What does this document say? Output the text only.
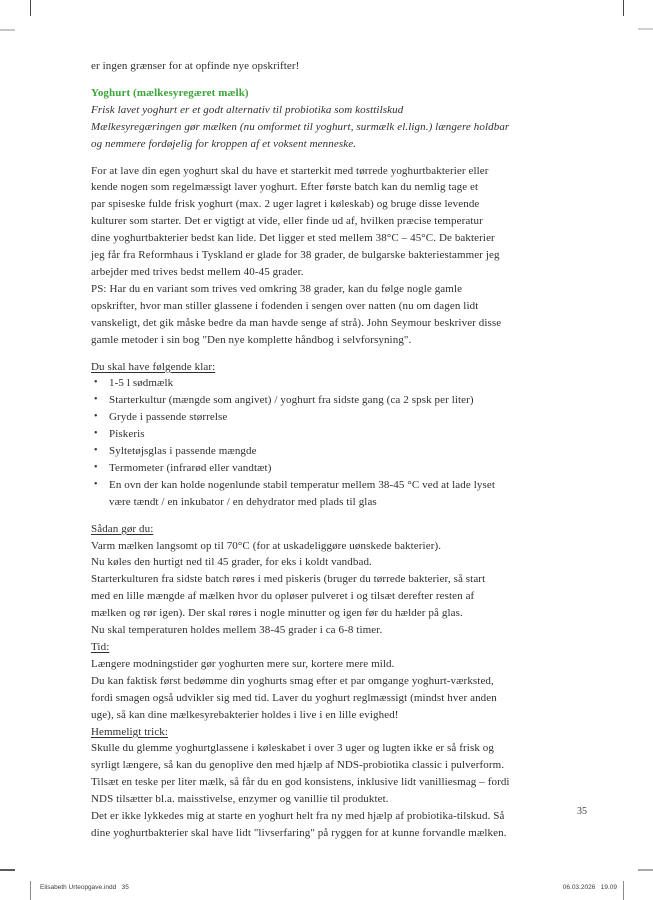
er ingen grænser for at opfinde nye opskrifter!
Yoghurt (mælkesyregæret mælk)
Frisk lavet yoghurt er et godt alternativ til probiotika som kosttilskud
Mælkesyregæringen gør mælken (nu omformet til yoghurt, surmælk el.lign.) længere holdbar
og nemmere fordøjelig for kroppen af et voksent menneske.
For at lave din egen yoghurt skal du have et starterkit med tørrede yoghurtbakterier eller
kende nogen som regelmæssigt laver yoghurt. Efter første batch kan du nemlig tage et
par spiseske fulde frisk yoghurt (max. 2 uger lagret i køleskab) og bruge disse levende
kulturer som starter. Det er vigtigt at vide, eller finde ud af, hvilken præcise temperatur
dine yoghurtbakterier bedst kan lide. Det ligger et sted mellem 38°C – 45°C. De bakterier
jeg får fra Reformhaus i Tyskland er glade for 38 grader, de bulgarske bakteriestammer jeg
arbejder med trives bedst mellem 40-45 grader.
PS: Har du en variant som trives ved omkring 38 grader, kan du følge nogle gamle
opskrifter, hvor man stiller glassene i fodenden i sengen over natten (nu om dagen lidt
vanskeligt, det gik måske bedre da man havde senge af strå). John Seymour beskriver disse
gamle metoder i sin bog "Den nye komplette håndbog i selvforsyning".
Du skal have følgende klar:
•	1-5 l sødmælk
•	Starterkultur (mængde som angivet) / yoghurt fra sidste gang (ca 2 spsk per liter)
•	Gryde i passende størrelse
•	Piskeris
•	Syltetøjsglas i passende mængde
•	Termometer (infrarød eller vandtæt)
•	En ovn der kan holde nogenlunde stabil temperatur mellem 38-45 °C ved at lade lyset
være tændt / en inkubator / en dehydrator med plads til glas
Sådan gør du:
Varm mælken langsomt op til 70°C (for at uskadeliggøre uønskede bakterier).
Nu køles den hurtigt ned til 45 grader, for eks i koldt vandbad.
Starterkulturen fra sidste batch røres i med piskeris (bruger du tørrede bakterier, så start
med en lille mængde af mælken hvor du opløser pulveret i og tilsæt derefter resten af
mælken og rør igen). Der skal røres i nogle minutter og igen før du hælder på glas.
Nu skal temperaturen holdes mellem 38-45 grader i ca 6-8 timer.
Tid:
Længere modningstider gør yoghurten mere sur, kortere mere mild.
Du kan faktisk først bedømme din yoghurts smag efter et par omgange yoghurt-værksted,
fordi smagen også udvikler sig med tid. Laver du yoghurt reglmæssigt (mindst hver anden
uge), så kan dine mælkesyrebakterier holdes i live i en lille evighed!
Hemmeligt trick:
Skulle du glemme yoghurtglassene i køleskabet i over 3 uger og lugten ikke er så frisk og
syrligt længere, så kan du genoplive den med hjælp af NDS-probiotika classic i pulverform.
Tilsæt en teske per liter mælk, så får du en god konsistens, inklusive lidt vanilliesmag – fordi
NDS tilsætter bl.a. maisstivelse, enzymer og vanillie til produktet.
Det er ikke lykkedes mig at starte en yoghurt helt fra ny med hjælp af probiotika-tilskud. Så
dine yoghurtbakterier skal have lidt "livserfaring" på ryggen for at kunne forvandle mælken.
35
Elisabeth Urteopgave.indd   35	06.03.2026   19.09
